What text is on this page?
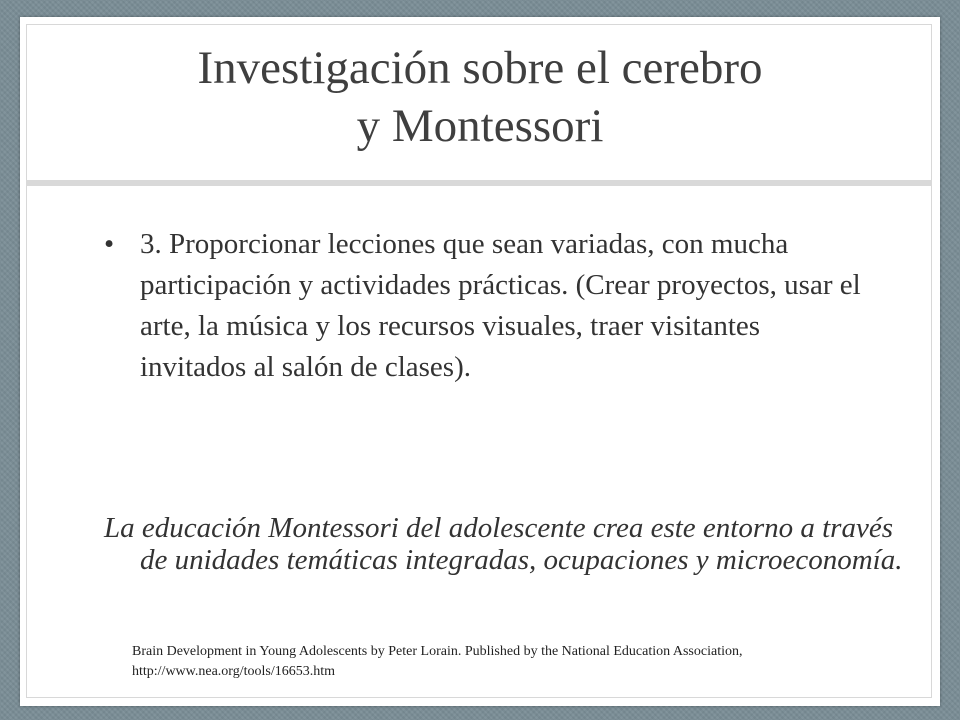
Investigación sobre el cerebro
y Montessori
• 3. Proporcionar lecciones que sean variadas, con mucha participación y actividades prácticas. (Crear proyectos, usar el arte, la música y los recursos visuales, traer visitantes invitados al salón de clases).

La educación Montessori del adolescente crea este entorno a través de unidades temáticas integradas, ocupaciones y microeconomía.

Brain Development in Young Adolescents by Peter Lorain. Published by the National Education Association, http://www.nea.org/tools/16653.htm
